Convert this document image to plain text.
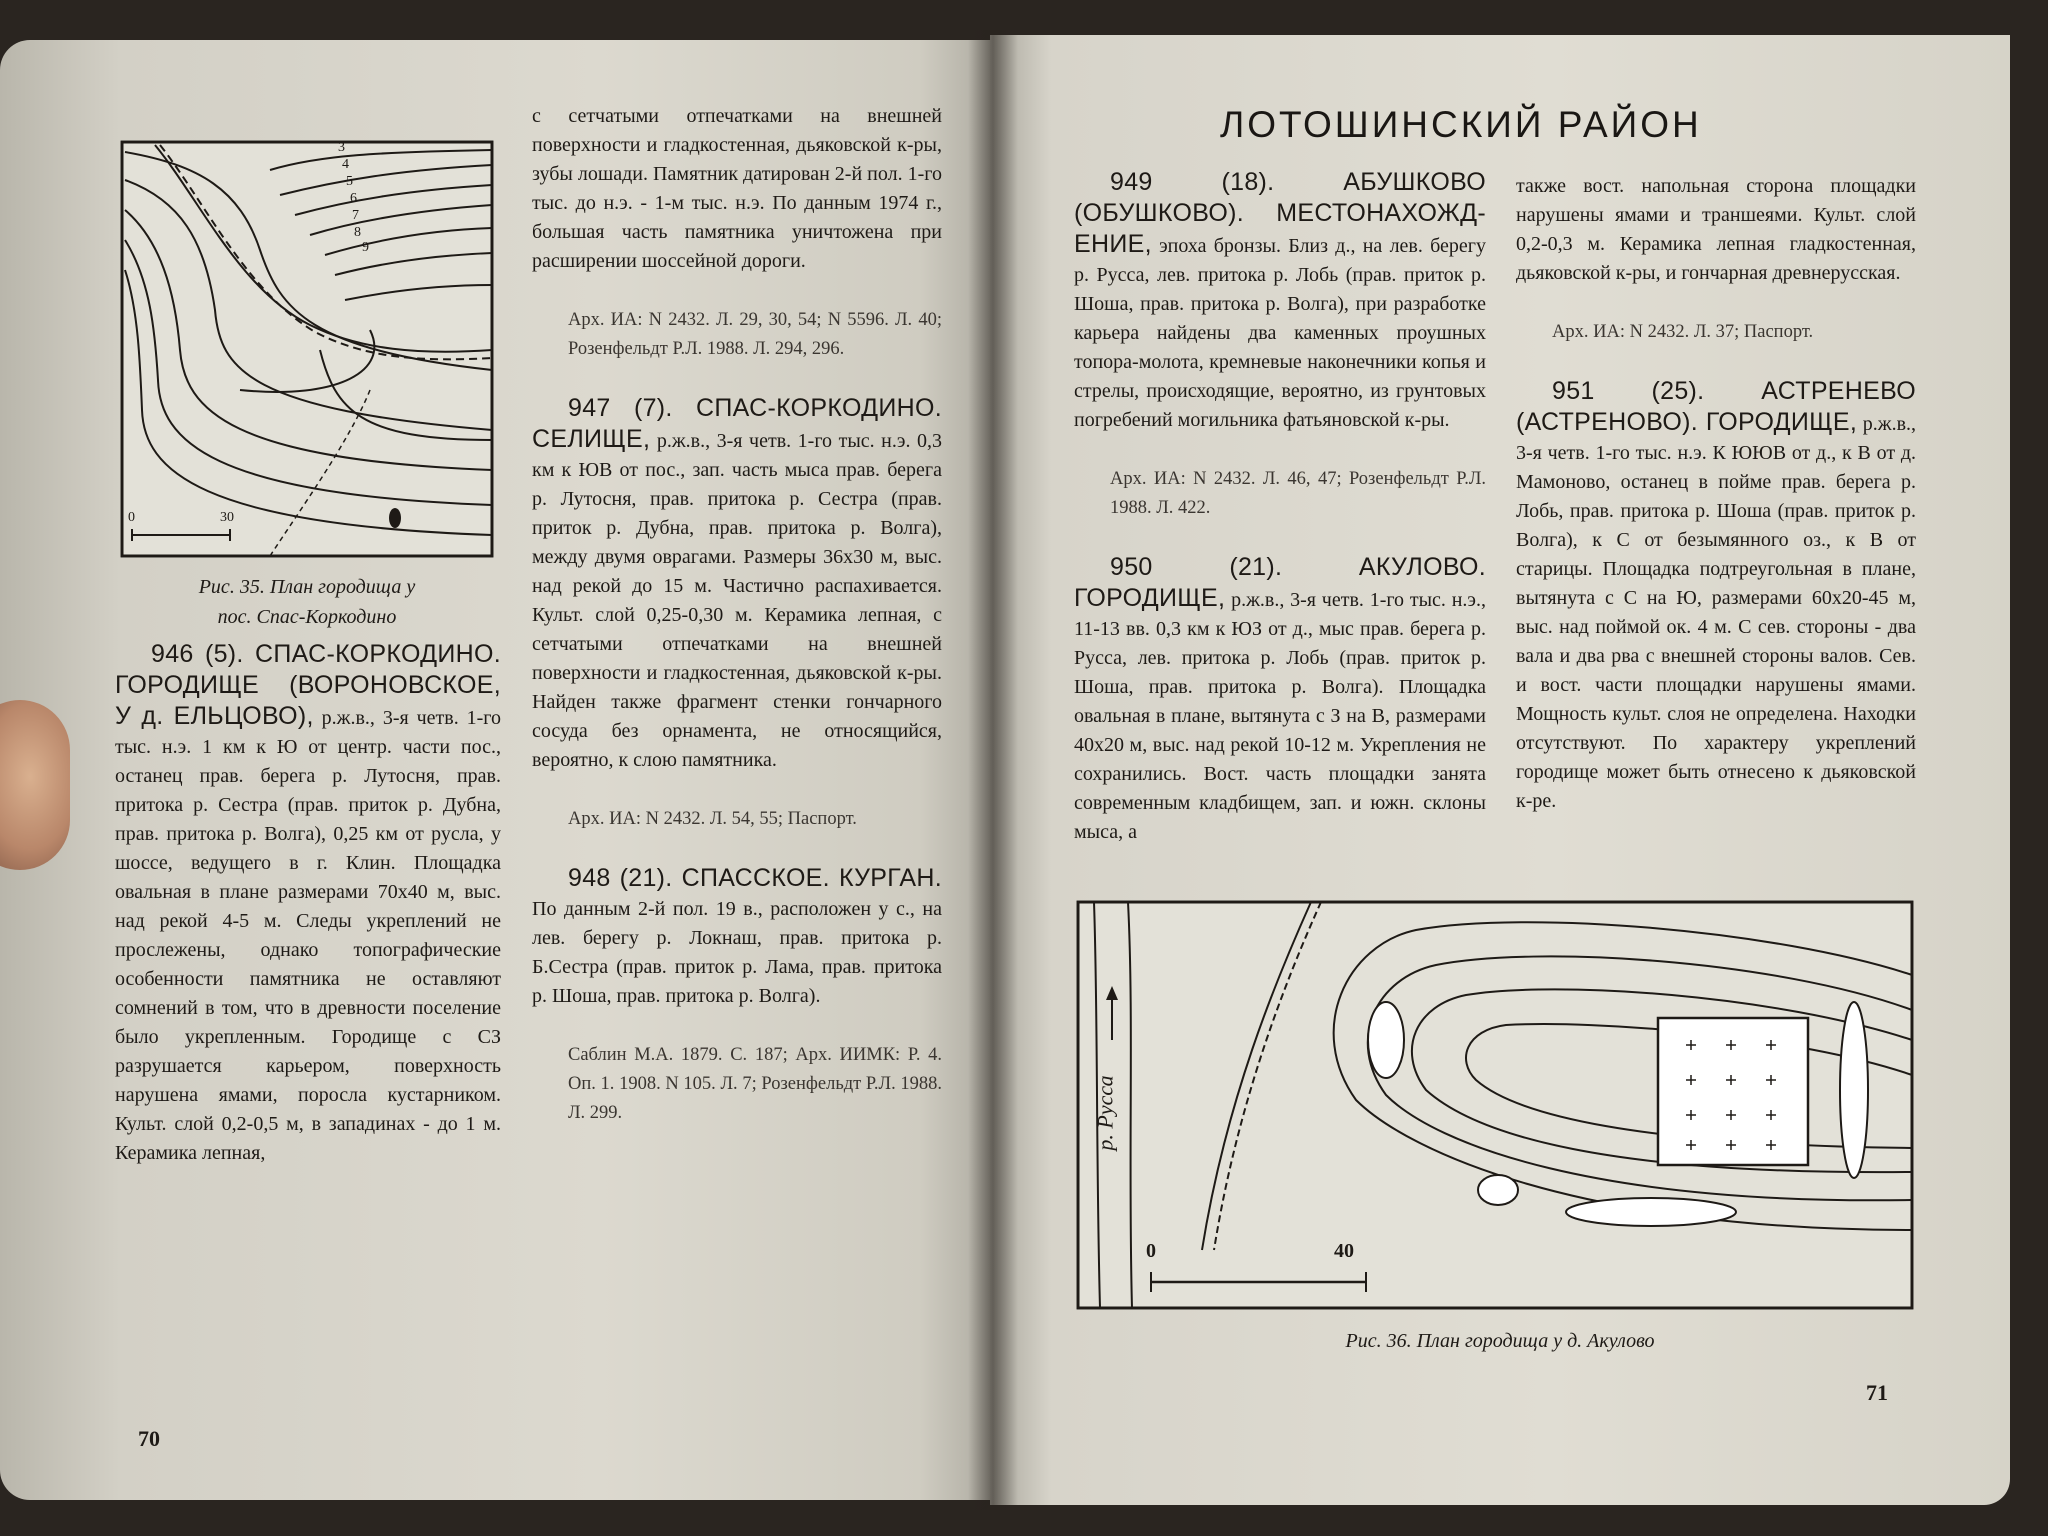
3
4
5
6
7
8
9
0	30
Рис. 35. План городища у
пос. Спас-Коркодино

946 (5). СПАС-КОРКОДИНО. ГОРОДИЩЕ (ВОРОНОВСКОЕ, У д. ЕЛЬЦОВО), р.ж.в., 3-я четв. 1-го тыс. н.э. 1 км к Ю от центр. части пос., останец прав. берега р. Лутосня, прав. притока р. Сестра (прав. приток р. Дубна, прав. притока р. Волга), 0,25 км от русла, у шоссе, ведущего в г. Клин. Площадка овальная в плане размерами 70х40 м, выс. над рекой 4-5 м. Следы укреплений не прослежены, однако топографические особенности памятника не оставляют сомнений в том, что в древности поселение было укрепленным. Городище с СЗ разрушается карьером, поверхность нарушена ямами, поросла кустарником. Культ. слой 0,2-0,5 м, в западинах - до 1 м. Керамика лепная,

с сетчатыми отпечатками на внешней поверхности и гладкостенная, дьяковской к-ры, зубы лошади. Памятник датирован 2-й пол. 1-го тыс. до н.э. - 1-м тыс. н.э. По данным 1974 г., большая часть памятника уничтожена при расширении шоссейной дороги.

Арх. ИА: N 2432. Л. 29, 30, 54; N 5596. Л. 40; Розенфельдт Р.Л. 1988. Л. 294, 296.

947 (7). СПАС-КОРКОДИНО. СЕЛИЩЕ, р.ж.в., 3-я четв. 1-го тыс. н.э. 0,3 км к ЮВ от пос., зап. часть мыса прав. берега р. Лутосня, прав. притока р. Сестра (прав. приток р. Дубна, прав. притока р. Волга), между двумя оврагами. Размеры 36х30 м, выс. над рекой до 15 м. Частично распахивается. Культ. слой 0,25-0,30 м. Керамика лепная, с сетчатыми отпечатками на внешней поверхности и гладкостенная, дьяковской к-ры. Найден также фрагмент стенки гончарного сосуда без орнамента, не относящийся, вероятно, к слою памятника.

Арх. ИА: N 2432. Л. 54, 55; Паспорт.

948 (21). СПАССКОЕ. КУРГАН. По данным 2-й пол. 19 в., расположен у с., на лев. берегу р. Локнаш, прав. притока р. Б.Сестра (прав. приток р. Лама, прав. притока р. Шоша, прав. притока р. Волга).

Саблин М.А. 1879. С. 187; Арх. ИИМК: Р. 4. Оп. 1. 1908. N 105. Л. 7; Розенфельдт Р.Л. 1988. Л. 299.

70
ЛОТОШИНСКИЙ РАЙОН

949 (18). АБУШКОВО (ОБУШКОВО). МЕСТОНАХОЖД-ЕНИЕ, эпоха бронзы. Близ д., на лев. берегу р. Русса, лев. притока р. Лобь (прав. приток р. Шоша, прав. притока р. Волга), при разработке карьера найдены два каменных проушных топора-молота, кремневые наконечники копья и стрелы, происходящие, вероятно, из грунтовых погребений могильника фатьяновской к-ры.

Арх. ИА: N 2432. Л. 46, 47; Розенфельдт Р.Л. 1988. Л. 422.

950 (21). АКУЛОВО. ГОРОДИЩЕ, р.ж.в., 3-я четв. 1-го тыс. н.э., 11-13 вв. 0,3 км к ЮЗ от д., мыс прав. берега р. Русса, лев. притока р. Лобь (прав. приток р. Шоша, прав. притока р. Волга). Площадка овальная в плане, вытянута с З на В, размерами 40х20 м, выс. над рекой 10-12 м. Укрепления не сохранились. Вост. часть площадки занята современным кладбищем, зап. и южн. склоны мыса, а

также вост. напольная сторона площадки нарушены ямами и траншеями. Культ. слой 0,2-0,3 м. Керамика лепная гладкостенная, дьяковской к-ры, и гончарная древнерусская.

Арх. ИА: N 2432. Л. 37; Паспорт.

951 (25). АСТРЕНЕВО (АСТРЕНОВО). ГОРОДИЩЕ, р.ж.в., 3-я четв. 1-го тыс. н.э. К ЮЮВ от д., к В от д. Мамоново, останец в пойме прав. берега р. Лобь, прав. притока р. Шоша (прав. приток р. Волга), к С от безымянного оз., к В от старицы. Площадка подтреугольная в плане, вытянута с С на Ю, размерами 60х20-45 м, выс. над поймой ок. 4 м. С сев. стороны - два вала и два рва с внешней стороны валов. Сев. и вост. части площадки нарушены ямами. Мощность культ. слоя не определена. Находки отсутствуют. По характеру укреплений городище может быть отнесено к дьяковской к-ре.

р. Русса
0	40
Рис. 36. План городища у д. Акулово
71
